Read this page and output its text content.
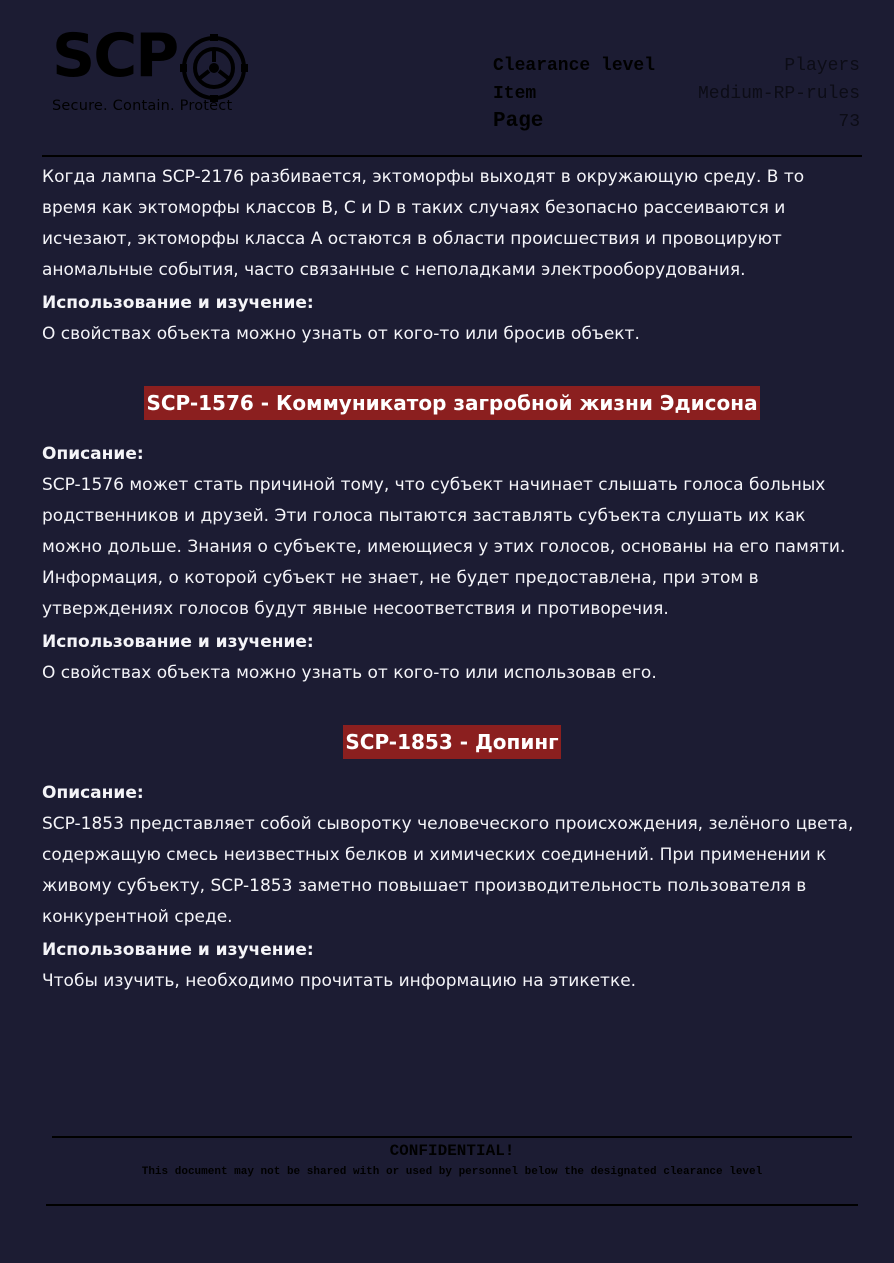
SCP
Secure. Contain. Protect
Clearance level	Players
Item	Medium-RP-rules
Page	73

Когда лампа SCP-2176 разбивается, эктоморфы выходят в окружающую среду. В то время как эктоморфы классов B, C и D в таких случаях безопасно рассеиваются и исчезают, эктоморфы класса А остаются в области происшествия и провоцируют аномальные события, часто связанные с неполадками электрооборудования.

Использование и изучение:

О свойствах объекта можно узнать от кого-то или бросив объект.

SCP-1576 - Коммуникатор загробной жизни Эдисона

Описание:

SCP-1576 может стать причиной тому, что субъект начинает слышать голоса больных родственников и друзей. Эти голоса пытаются заставлять субъекта слушать их как можно дольше. Знания о субъекте, имеющиеся у этих голосов, основаны на его памяти. Информация, о которой субъект не знает, не будет предоставлена, при этом в утверждениях голосов будут явные несоответствия и противоречия.

Использование и изучение:

О свойствах объекта можно узнать от кого-то или использовав его.

SCP-1853 - Допинг

Описание:

SCP-1853 представляет собой сыворотку человеческого происхождения, зелёного цвета, содержащую смесь неизвестных белков и химических соединений. При применении к живому субъекту, SCP-1853 заметно повышает производительность пользователя в конкурентной среде.

Использование и изучение:

Чтобы изучить, необходимо прочитать информацию на этикетке.

CONFIDENTIAL!
This document may not be shared with or used by personnel below the designated clearance level
